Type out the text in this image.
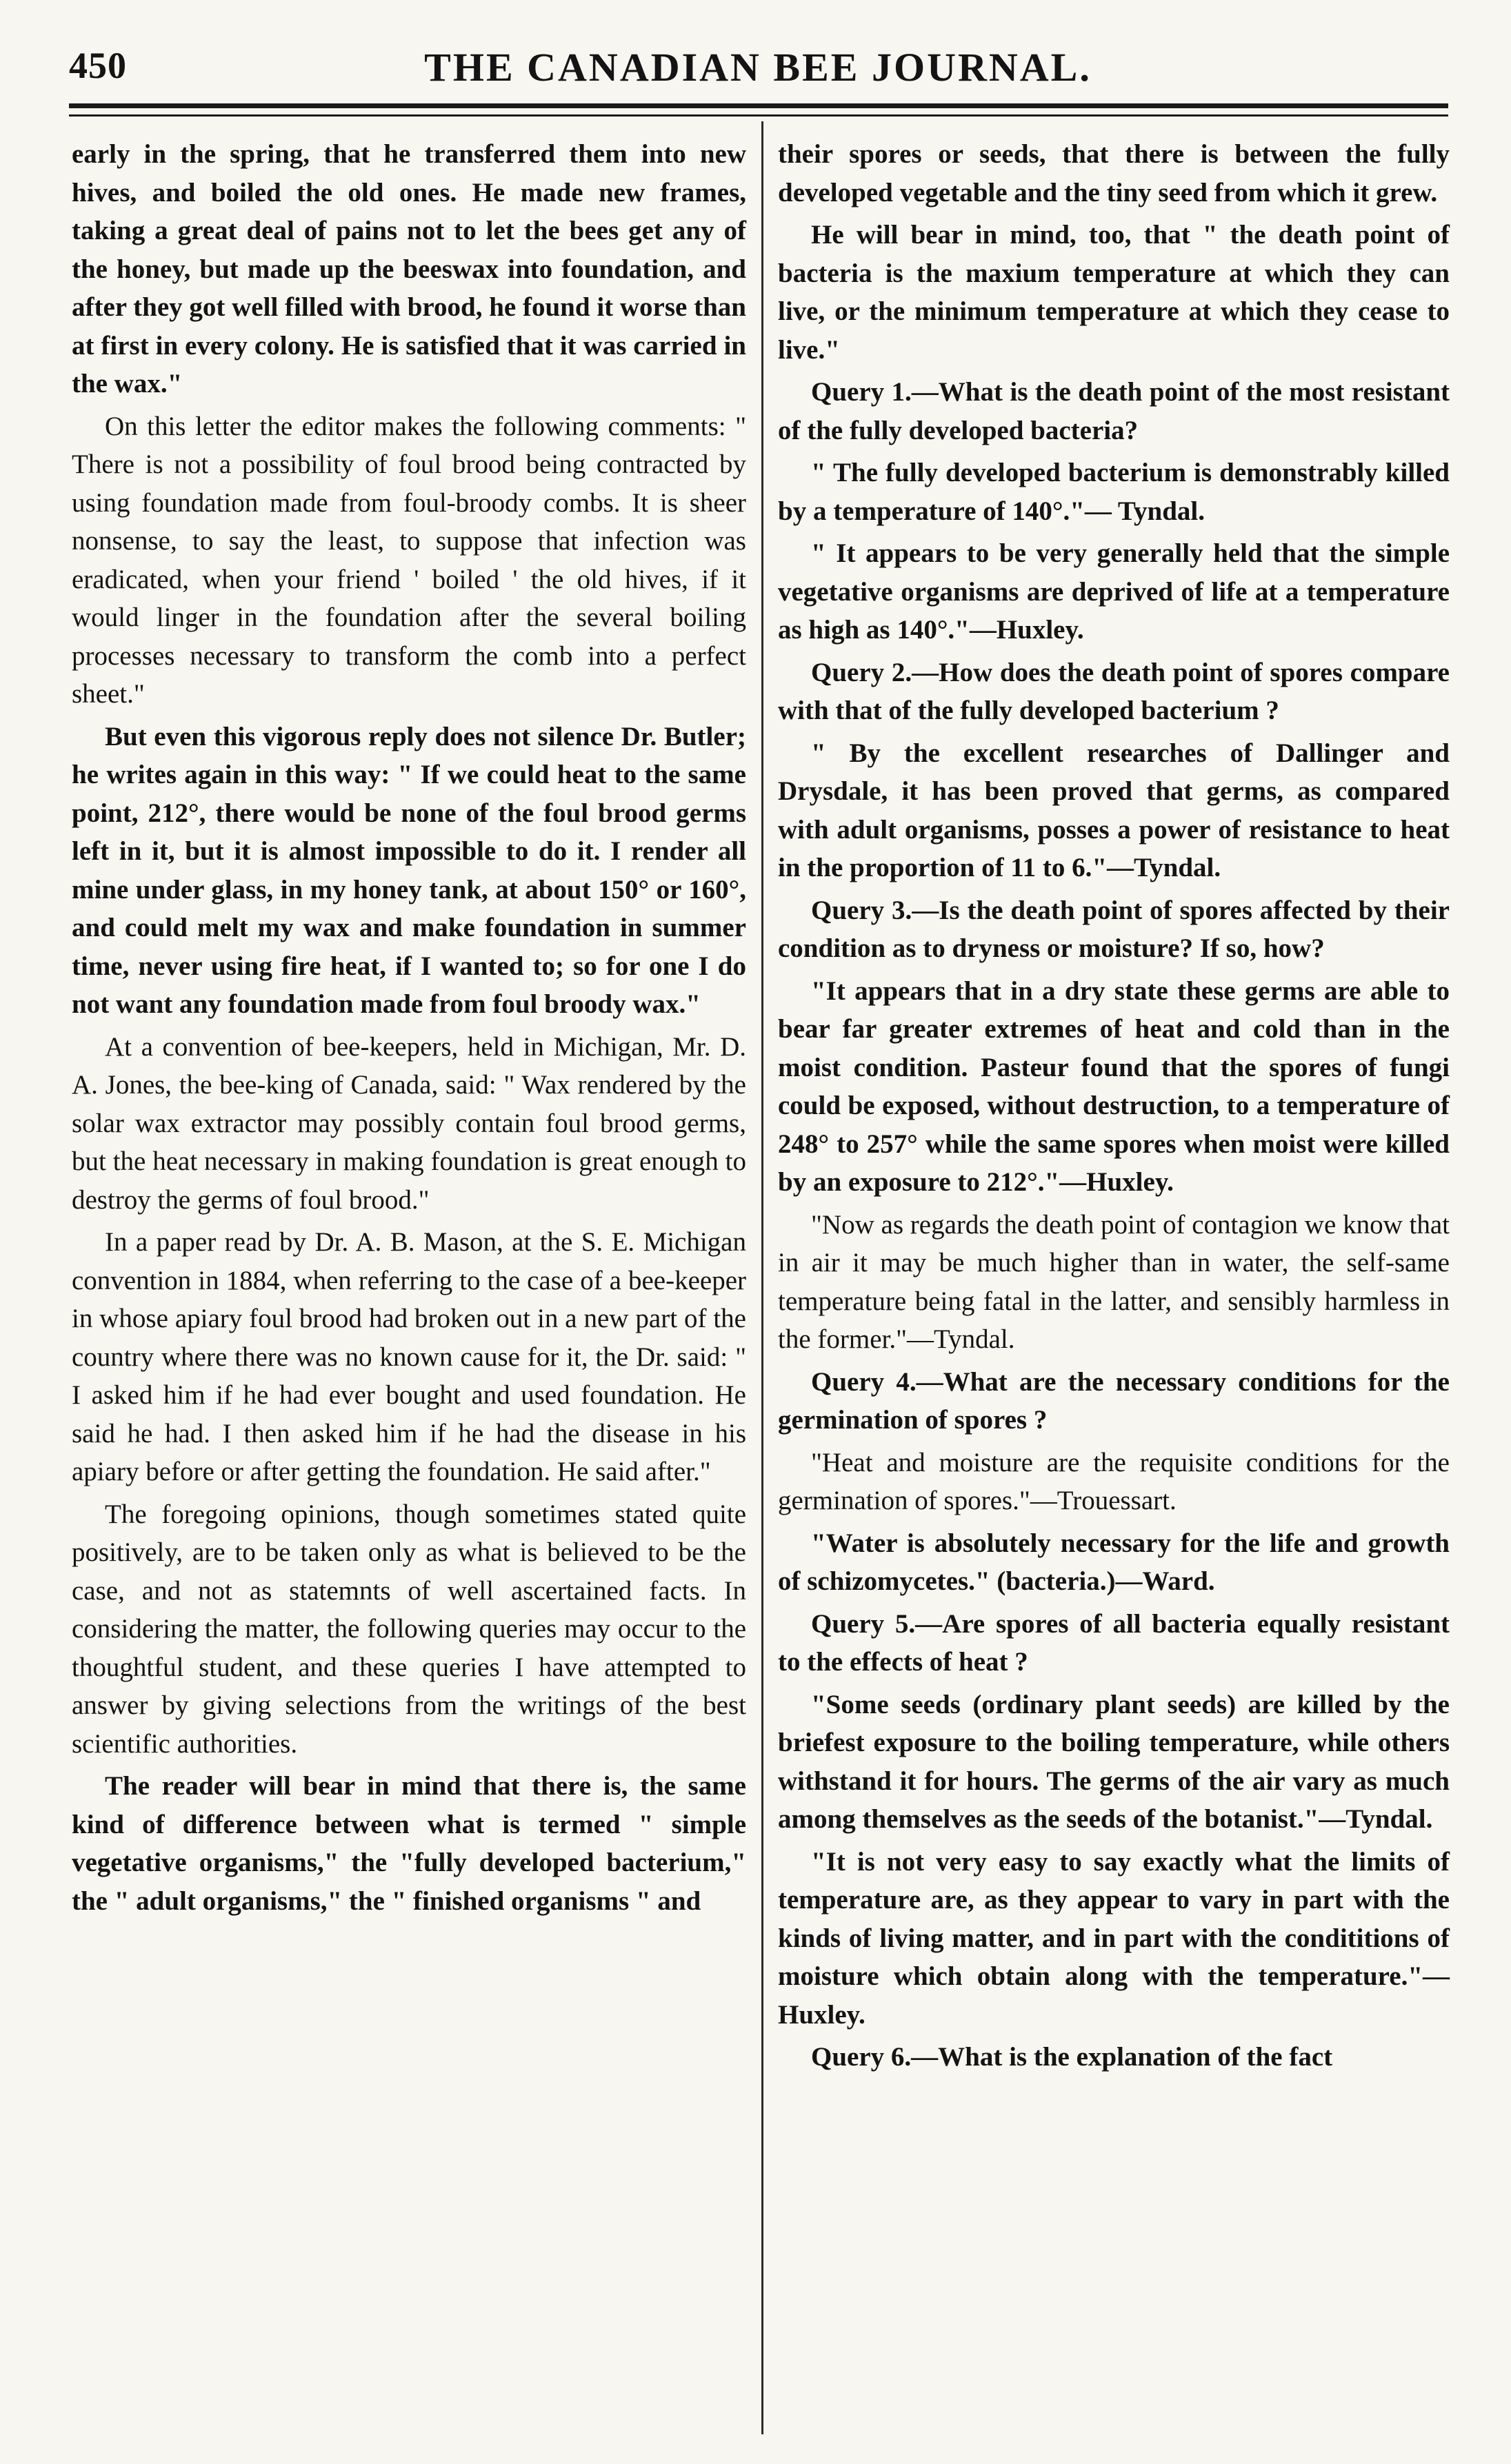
450	THE CANADIAN BEE JOURNAL.

early in the spring, that he transferred them into new hives, and boiled the old ones. He made new frames, taking a great deal of pains not to let the bees get any of the honey, but made up the beeswax into foundation, and after they got well filled with brood, he found it worse than at first in every colony. He is satisfied that it was carried in the wax."

On this letter the editor makes the following comments: " There is not a possibility of foul brood being contracted by using foundation made from foul-broody combs. It is sheer nonsense, to say the least, to suppose that infection was eradicated, when your friend ' boiled ' the old hives, if it would linger in the foundation after the several boiling processes necessary to transform the comb into a perfect sheet."

But even this vigorous reply does not silence Dr. Butler; he writes again in this way: " If we could heat to the same point, 212°, there would be none of the foul brood germs left in it, but it is almost impossible to do it. I render all mine under glass, in my honey tank, at about 150° or 160°, and could melt my wax and make foundation in summer time, never using fire heat, if I wanted to; so for one I do not want any foundation made from foul broody wax."

At a convention of bee-keepers, held in Michigan, Mr. D. A. Jones, the bee-king of Canada, said: " Wax rendered by the solar wax extractor may possibly contain foul brood germs, but the heat necessary in making foundation is great enough to destroy the germs of foul brood."

In a paper read by Dr. A. B. Mason, at the S. E. Michigan convention in 1884, when referring to the case of a bee-keeper in whose apiary foul brood had broken out in a new part of the country where there was no known cause for it, the Dr. said: " I asked him if he had ever bought and used foundation. He said he had. I then asked him if he had the disease in his apiary before or after getting the foundation. He said after."

The foregoing opinions, though sometimes stated quite positively, are to be taken only as what is believed to be the case, and not as statemnts of well ascertained facts. In considering the matter, the following queries may occur to the thoughtful student, and these queries I have attempted to answer by giving selections from the writings of the best scientific authorities.

The reader will bear in mind that there is, the same kind of difference between what is termed " simple vegetative organisms," the "fully developed bacterium," the " adult organisms," the " finished organisms " and

their spores or seeds, that there is between the fully developed vegetable and the tiny seed from which it grew.

He will bear in mind, too, that " the death point of bacteria is the maxium temperature at which they can live, or the minimum temperature at which they cease to live."

Query 1.—What is the death point of the most resistant of the fully developed bacteria?

" The fully developed bacterium is demonstrably killed by a temperature of 140°."— Tyndal.

" It appears to be very generally held that the simple vegetative organisms are deprived of life at a temperature as high as 140°."—Huxley.

Query 2.—How does the death point of spores compare with that of the fully developed bacterium ?

" By the excellent researches of Dallinger and Drysdale, it has been proved that germs, as compared with adult organisms, posses a power of resistance to heat in the proportion of 11 to 6."—Tyndal.

Query 3.—Is the death point of spores affected by their condition as to dryness or moisture? If so, how?

"It appears that in a dry state these germs are able to bear far greater extremes of heat and cold than in the moist condition. Pasteur found that the spores of fungi could be exposed, without destruction, to a temperature of 248° to 257° while the same spores when moist were killed by an exposure to 212°."—Huxley.

"Now as regards the death point of contagion we know that in air it may be much higher than in water, the self-same temperature being fatal in the latter, and sensibly harmless in the former."—Tyndal.

Query 4.—What are the necessary conditions for the germination of spores ?

"Heat and moisture are the requisite conditions for the germination of spores."—Trouessart.

"Water is absolutely necessary for the life and growth of schizomycetes." (bacteria.)—Ward.

Query 5.—Are spores of all bacteria equally resistant to the effects of heat ?

"Some seeds (ordinary plant seeds) are killed by the briefest exposure to the boiling temperature, while others withstand it for hours. The germs of the air vary as much among themselves as the seeds of the botanist."—Tyndal.

"It is not very easy to say exactly what the limits of temperature are, as they appear to vary in part with the kinds of living matter, and in part with the condititions of moisture which obtain along with the temperature."— Huxley.

Query 6.—What is the explanation of the fact
